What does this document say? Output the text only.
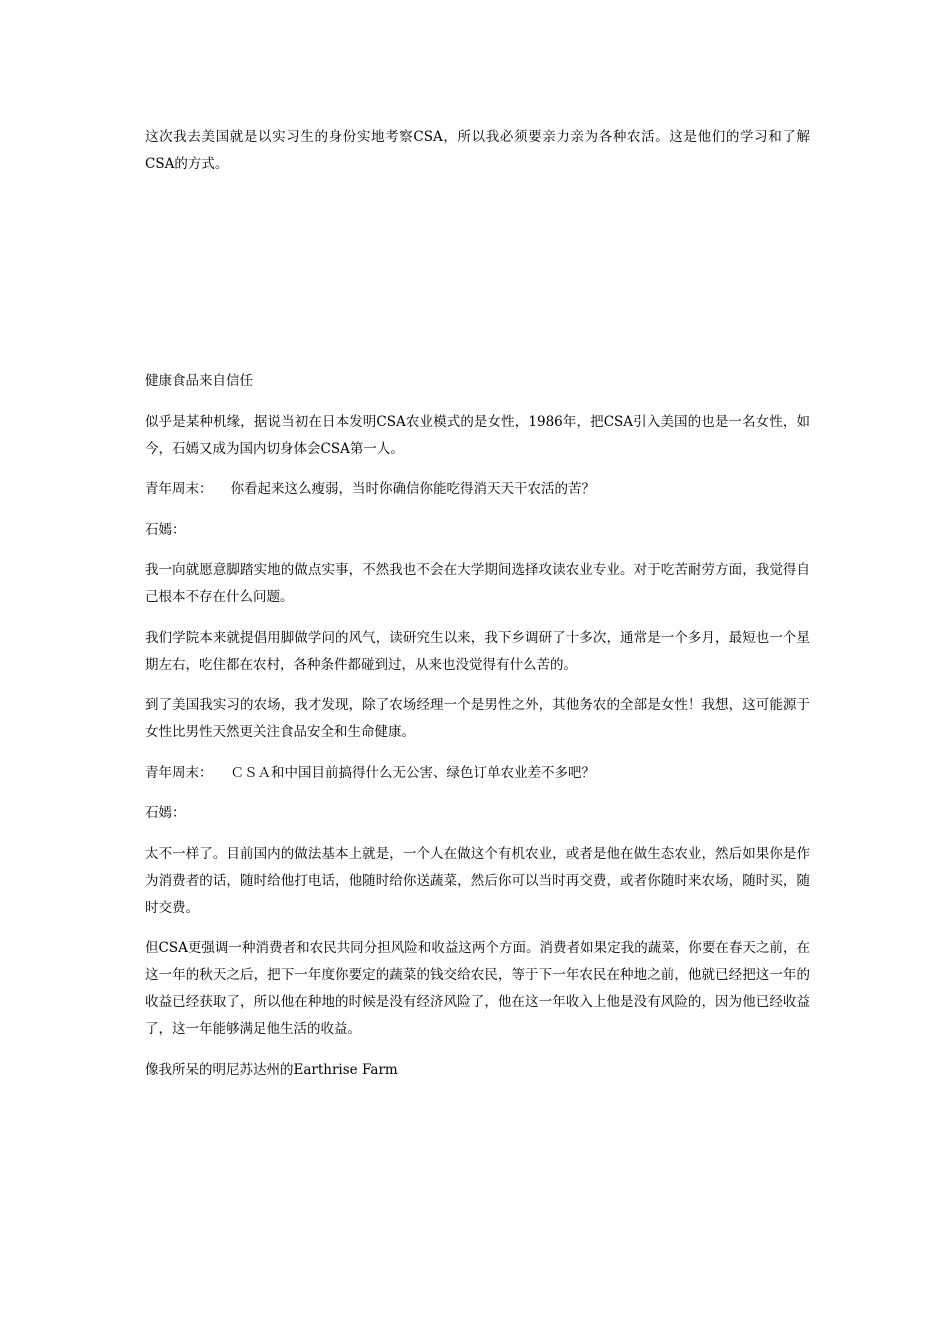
这次我去美国就是以实习生的身份实地考察CSA，所以我必须要亲力亲为各种农活。这是他们的学习和了解CSA的方式。

健康食品来自信任

似乎是某种机缘，据说当初在日本发明CSA农业模式的是女性，1986年，把CSA引入美国的也是一名女性，如今，石嫣又成为国内切身体会CSA第一人。

青年周末： 你看起来这么瘦弱，当时你确信你能吃得消天天干农活的苦？

石嫣：

我一向就愿意脚踏实地的做点实事，不然我也不会在大学期间选择攻读农业专业。对于吃苦耐劳方面，我觉得自己根本不存在什么问题。

我们学院本来就提倡用脚做学问的风气，读研究生以来，我下乡调研了十多次，通常是一个多月，最短也一个星期左右，吃住都在农村，各种条件都碰到过，从来也没觉得有什么苦的。

到了美国我实习的农场，我才发现，除了农场经理一个是男性之外，其他务农的全部是女性！我想，这可能源于女性比男性天然更关注食品安全和生命健康。

青年周末： ＣＳＡ和中国目前搞得什么无公害、绿色订单农业差不多吧？

石嫣：

太不一样了。目前国内的做法基本上就是，一个人在做这个有机农业，或者是他在做生态农业，然后如果你是作为消费者的话，随时给他打电话，他随时给你送蔬菜，然后你可以当时再交费，或者你随时来农场，随时买，随时交费。

但CSA更强调一种消费者和农民共同分担风险和收益这两个方面。消费者如果定我的蔬菜，你要在春天之前，在这一年的秋天之后，把下一年度你要定的蔬菜的钱交给农民，等于下一年农民在种地之前，他就已经把这一年的收益已经获取了，所以他在种地的时候是没有经济风险了，他在这一年收入上他是没有风险的，因为他已经收益了，这一年能够满足他生活的收益。

像我所呆的明尼苏达州的Earthrise Farm
